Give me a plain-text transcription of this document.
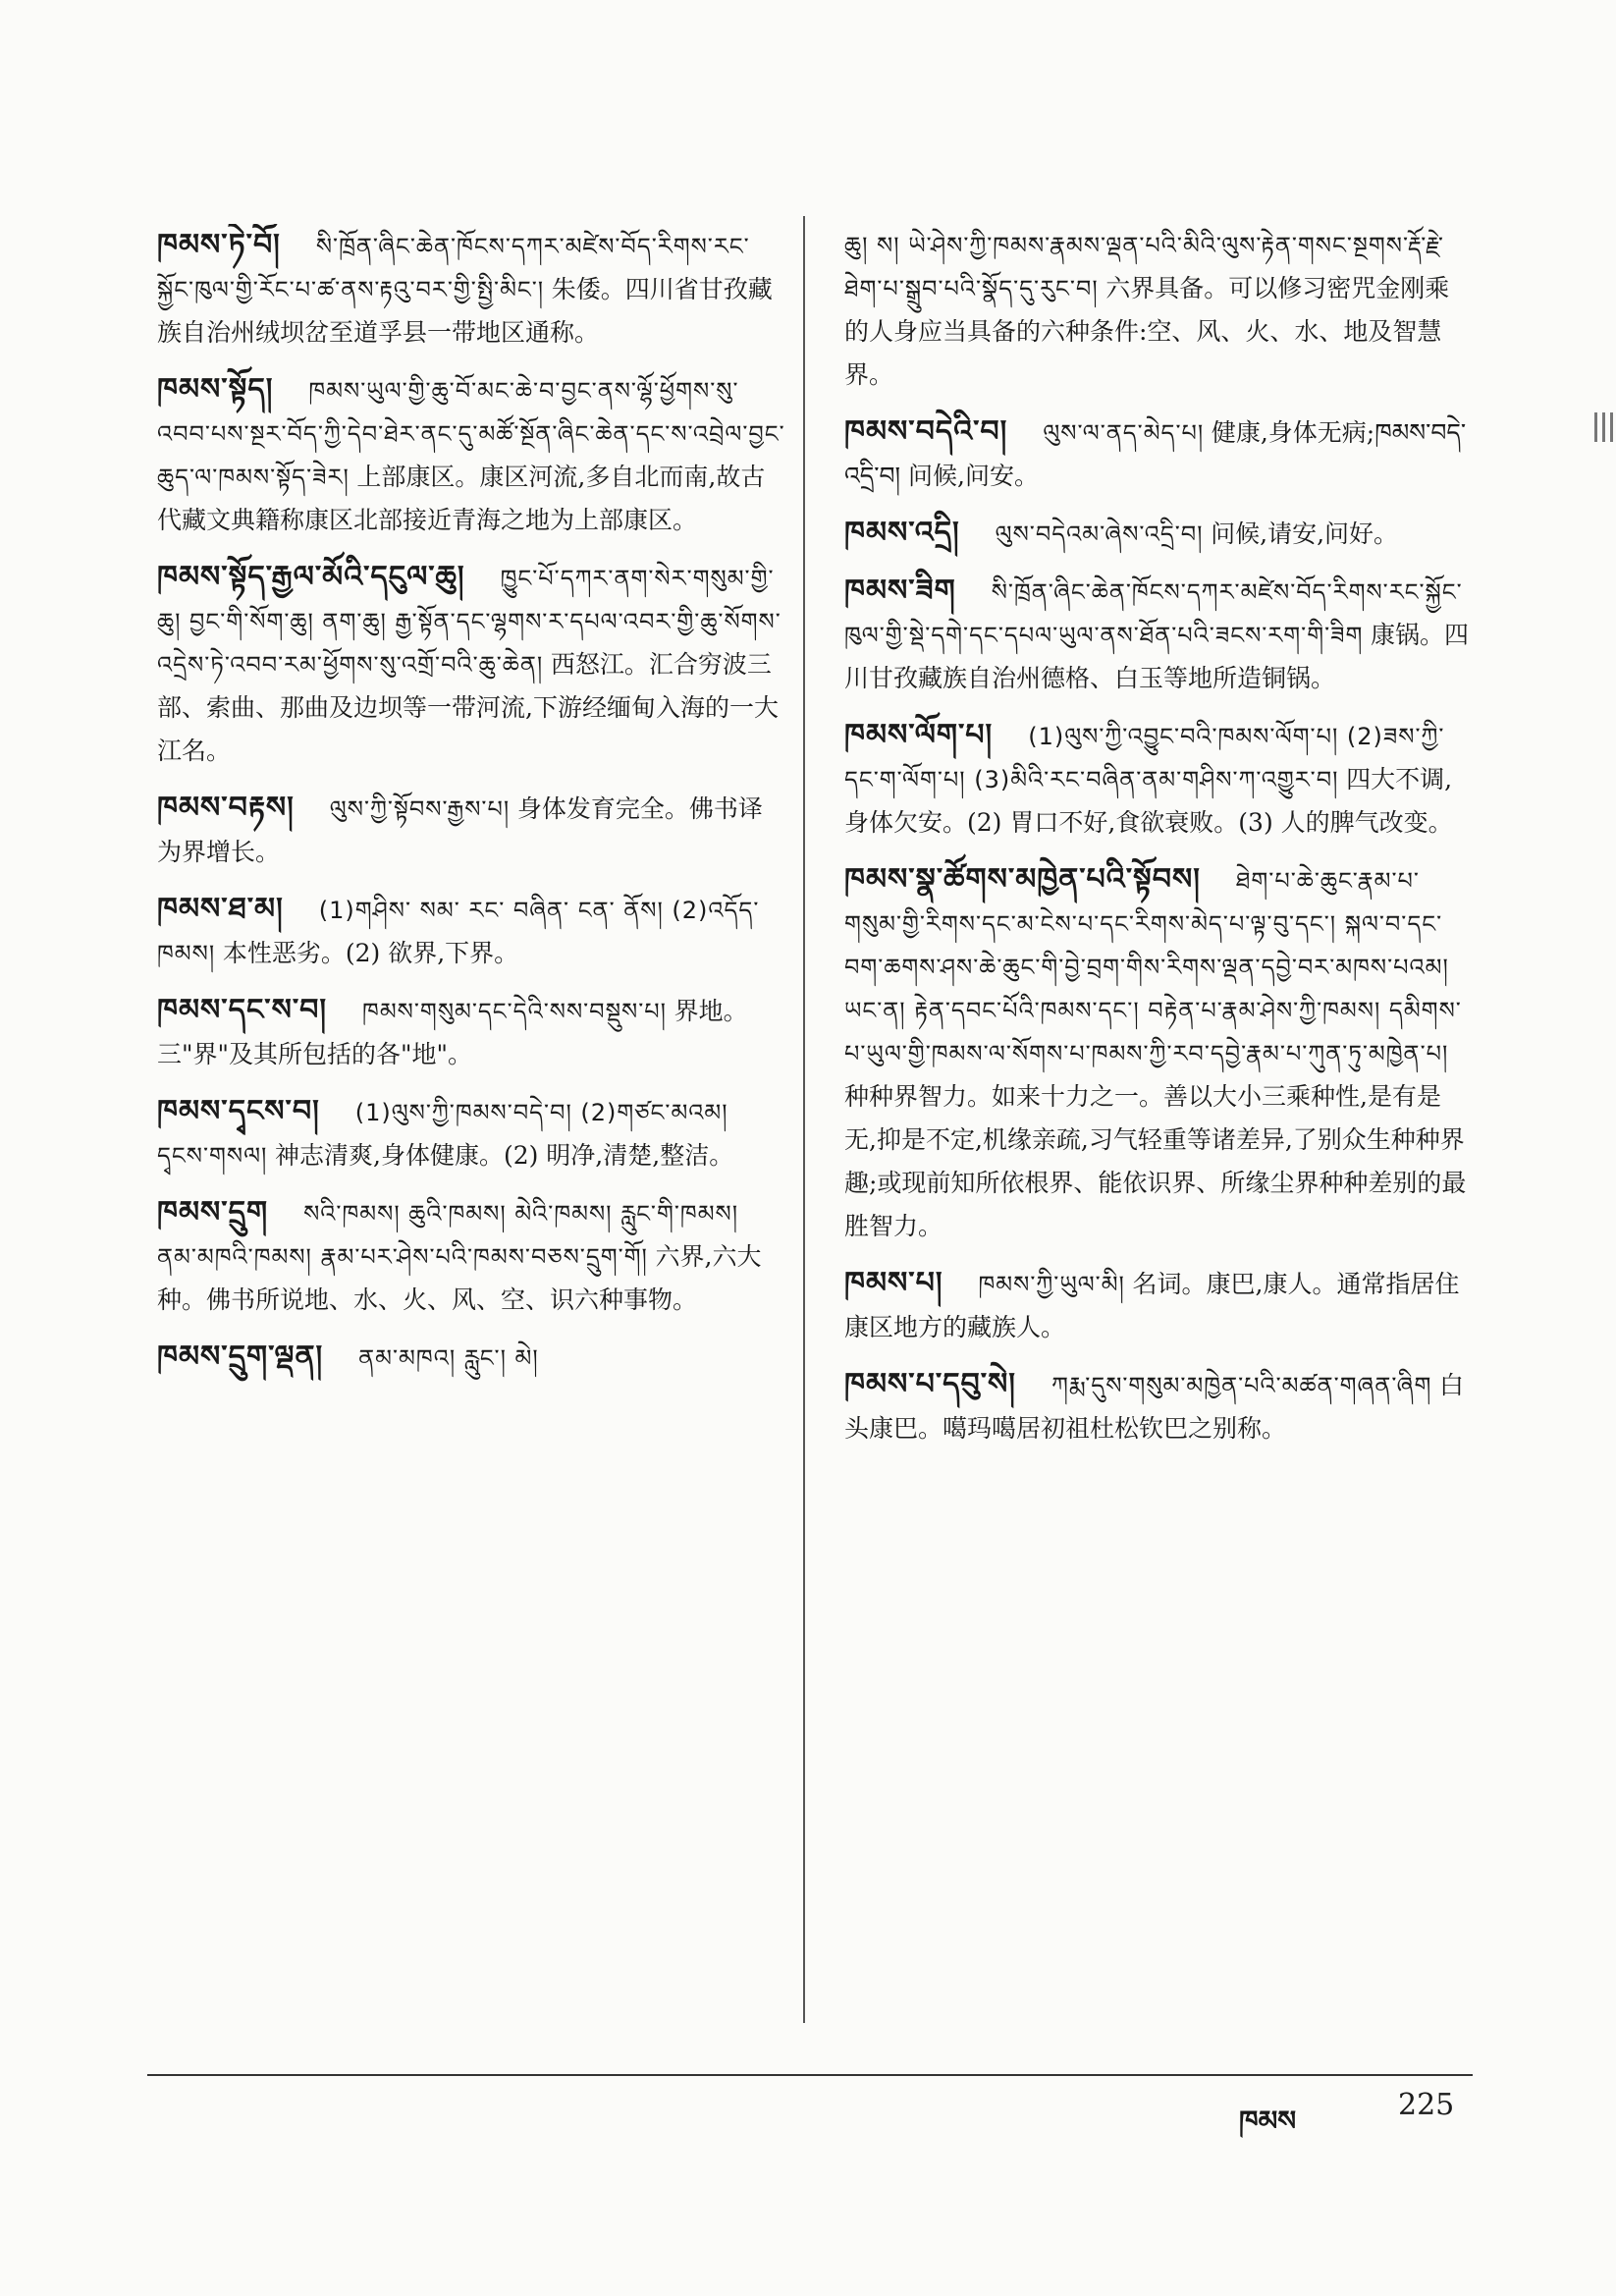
ཁམས་ཏེ་བོ། སི་ཁྲོན་ཞིང་ཆེན་ཁོངས་དཀར་མཛེས་བོད་རིགས་རང་སྐྱོང་ཁུལ་གྱི་རོང་པ་ཚ་ནས་རྟའུ་བར་གྱི་སྤྱི་མིང་། 朱倭。四川省甘孜藏族自治州绒坝岔至道孚县一带地区通称。

ཁམས་སྟོད། ཁམས་ཡུལ་གྱི་ཆུ་བོ་མང་ཆེ་བ་བྱང་ནས་ལྷོ་ཕྱོགས་སུ་འབབ་པས་སྔར་བོད་ཀྱི་དེབ་ཐེར་ནང་དུ་མཚོ་སྔོན་ཞིང་ཆེན་དང་ས་འབྲེལ་བྱང་ཆུད་ལ་ཁམས་སྟོད་ཟེར། 上部康区。康区河流,多自北而南,故古代藏文典籍称康区北部接近青海之地为上部康区。

ཁམས་སྟོད་རྒྱལ་མོའི་དངུལ་ཆུ། ཁྱུང་པོ་དཀར་ནག་སེར་གསུམ་གྱི་ཆུ། བྱང་གི་སོག་ཆུ། ནག་ཆུ། རྒྱ་སྟོན་དང་ལྷགས་ར་དཔལ་འབར་གྱི་ཆུ་སོགས་འདྲེས་ཏེ་འབབ་རམ་ཕྱོགས་སུ་འགྲོ་བའི་ཆུ་ཆེན། 西怒江。汇合穷波三部、索曲、那曲及边坝等一带河流,下游经缅甸入海的一大江名。

ཁམས་བརྟས། ལུས་ཀྱི་སྟོབས་རྒྱས་པ། 身体发育完全。佛书译为界增长。

ཁམས་ཐ་མ། (1)གཤིས་ སམ་ རང་ བཞིན་ ངན་ ནོས། (2)འདོད་ཁམས། 本性恶劣。(2) 欲界,下界。

ཁམས་དང་ས་བ། ཁམས་གསུམ་དང་དེའི་སས་བསྡུས་པ། 界地。三"界"及其所包括的各"地"。

ཁམས་དྭངས་བ། (1)ལུས་ཀྱི་ཁམས་བདེ་བ། (2)གཙང་མའམ། དྭངས་གསལ། 神志清爽,身体健康。(2) 明净,清楚,整洁。

ཁམས་དྲུག སའི་ཁམས། ཆུའི་ཁམས། མེའི་ཁམས། རླུང་གི་ཁམས། ནམ་མཁའི་ཁམས། རྣམ་པར་ཤེས་པའི་ཁམས་བཅས་དྲུག་གོ། 六界,六大种。佛书所说地、水、火、风、空、识六种事物。

ཁམས་དྲུག་ལྡན། ནམ་མཁའ། རླུང་། མེ།

ཆུ། ས། ཡེ་ཤེས་ཀྱི་ཁམས་རྣམས་ལྡན་པའི་མིའི་ལུས་རྟེན་གསང་སྔགས་རྡོ་རྗེ་ཐེག་པ་སྒྲུབ་པའི་སྣོད་དུ་རུང་བ། 六界具备。可以修习密咒金刚乘的人身应当具备的六种条件:空、风、火、水、地及智慧界。

ཁམས་བདེའི་བ། ལུས་ལ་ནད་མེད་པ། 健康,身体无病;ཁམས་བདེ་འདྲི་བ། 问候,问安。

ཁམས་འདྲི། ལུས་བདེའམ་ཞེས་འདྲི་བ། 问候,请安,问好。

ཁམས་ཟིག སི་ཁྲོན་ཞིང་ཆེན་ཁོངས་དཀར་མཛེས་བོད་རིགས་རང་སྐྱོང་ཁུལ་གྱི་སྡེ་དགེ་དང་དཔལ་ཡུལ་ནས་ཐོན་པའི་ཟངས་རག་གི་ཟིག 康锅。四川甘孜藏族自治州德格、白玉等地所造铜锅。

ཁམས་ལོག་པ། (1)ལུས་ཀྱི་འབྱུང་བའི་ཁམས་ལོག་པ། (2)ཟས་ཀྱི་དང་ག་ལོག་པ། (3)མིའི་རང་བཞིན་ནམ་གཤིས་ཀ་འགྱུར་བ། 四大不调,身体欠安。(2) 胃口不好,食欲衰败。(3) 人的脾气改变。

ཁམས་སྣ་ཚོགས་མཁྱེན་པའི་སྟོབས། ཐེག་པ་ཆེ་ཆུང་རྣམ་པ་གསུམ་གྱི་རིགས་དང་མ་ངེས་པ་དང་རིགས་མེད་པ་ལྟ་བུ་དང་། སྐལ་བ་དང་བག་ཆགས་ཤས་ཆེ་ཆུང་གི་བྱེ་བྲག་གིས་རིགས་ལྡན་དབྱེ་བར་མཁས་པའམ། ཡང་ན། རྟེན་དབང་པོའི་ཁམས་དང་། བརྟེན་པ་རྣམ་ཤེས་ཀྱི་ཁམས། དམིགས་པ་ཡུལ་གྱི་ཁམས་ལ་སོགས་པ་ཁམས་ཀྱི་རབ་དབྱེ་རྣམ་པ་ཀུན་ཏུ་མཁྱེན་པ། 种种界智力。如来十力之一。善以大小三乘种性,是有是无,抑是不定,机缘亲疏,习气轻重等诸差异,了别众生种种界趣;或现前知所依根界、能依识界、所缘尘界种种差别的最胜智力。

ཁམས་པ། ཁམས་ཀྱི་ཡུལ་མི། 名词。康巴,康人。通常指居住康区地方的藏族人。

ཁམས་པ་དབུ་སེ། ཀརྨ་དུས་གསུམ་མཁྱེན་པའི་མཚན་གཞན་ཞིག 白头康巴。噶玛噶居初祖杜松钦巴之别称。

ཁམས	225
